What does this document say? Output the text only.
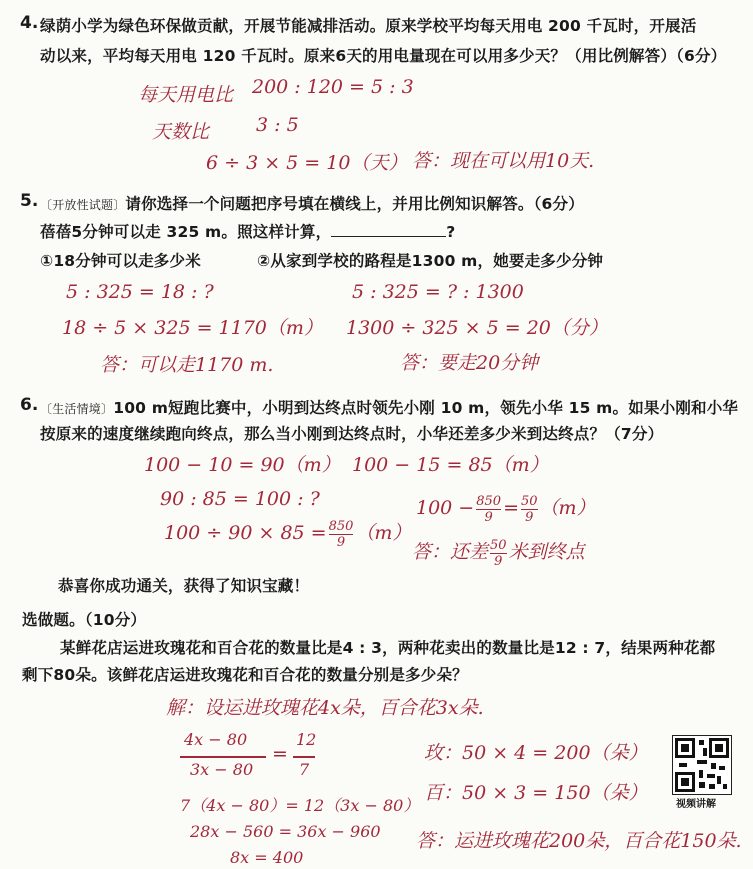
4. 绿荫小学为绿色环保做贡献，开展节能减排活动。原来学校平均每天用电 200 千瓦时，开展活
动以来，平均每天用电 120 千瓦时。原来6天的用电量现在可以用多少天？（用比例解答）（6分）
每天用电比 200 : 120 = 5 : 3
天数比 3 : 5
6 ÷ 3 × 5 = 10（天） 答：现在可以用10天.
5. 〔开放性试题〕请你选择一个问题把序号填在横线上，并用比例知识解答。（6分）
蓓蓓5分钟可以走 325 m。照这样计算，	?
①18分钟可以走多少米	②从家到学校的路程是1300 m，她要走多少分钟
5 : 325 = 18 : ?
18 ÷ 5 × 325 = 1170（m）
答：可以走1170 m.
5 : 325 = ? : 1300
1300 ÷ 325 × 5 = 20（分）
答：要走20分钟
6. 〔生活情境〕100 m短跑比赛中，小明到达终点时领先小刚 10 m，领先小华 15 m。如果小刚和小华
按原来的速度继续跑向终点，那么当小刚到达终点时，小华还差多少米到达终点？（7分）
100 − 10 = 90（m）
90 : 85 = 100 : ?
$100 \div 90 \times 85 = \frac{850}{9} (m)$
100 − 15 = 85（m）
$100 - \frac{850}{9} = \frac{50}{9} (m)$
答：还差 $\frac{50}{9}$ 米到终点
恭喜你成功通关，获得了知识宝藏！
选做题。（10分）
某鲜花店运进玫瑰花和百合花的数量比是4 : 3，两种花卖出的数量比是12 : 7，结果两种花都
剩下80朵。该鲜花店运进玫瑰花和百合花的数量分别是多少朵？
解：设运进玫瑰花4x朵，百合花3x朵.
4x − 80
3x − 80
=
12
7
7（4x − 80）= 12（3x − 80）
28x − 560 = 36x − 960
8x = 400
玫：50 × 4 = 200（朵）
百：50 × 3 = 150（朵）
答：运进玫瑰花200朵，百合花150朵.
视频讲解
